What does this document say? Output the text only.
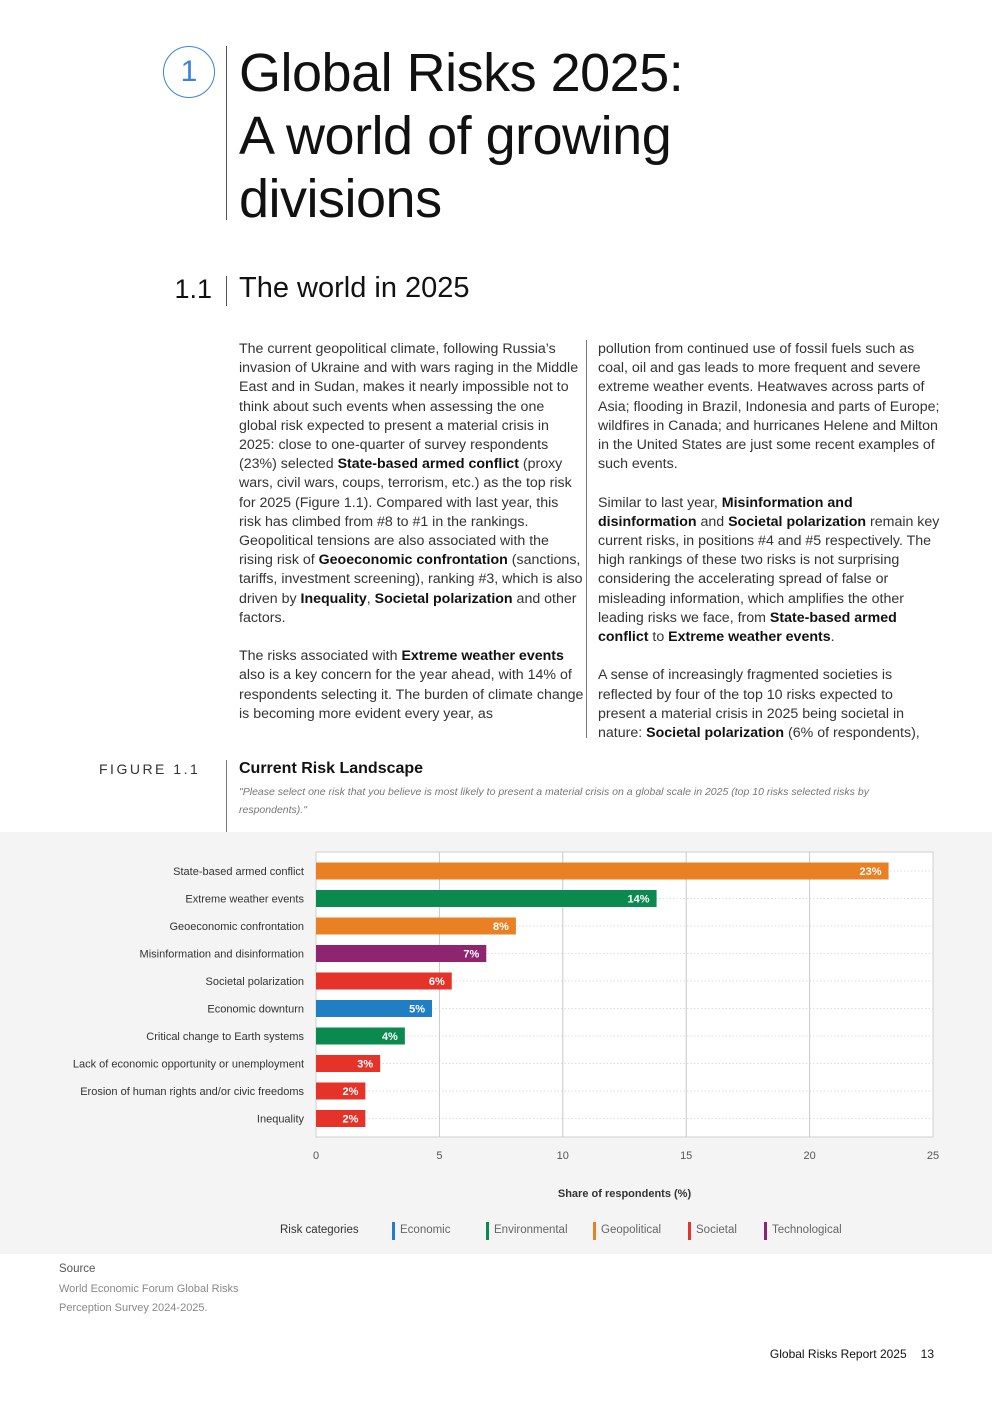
1 Global Risks 2025:
A world of growing
divisions
1.1 The world in 2025

The current geopolitical climate, following Russia’s invasion of Ukraine and with wars raging in the Middle East and in Sudan, makes it nearly impossible not to think about such events when assessing the one global risk expected to present a material crisis in 2025: close to one-quarter of survey respondents (23%) selected State-based armed conflict (proxy wars, civil wars, coups, terrorism, etc.) as the top risk for 2025 (Figure 1.1). Compared with last year, this risk has climbed from #8 to #1 in the rankings. Geopolitical tensions are also associated with the rising risk of Geoeconomic confrontation (sanctions, tariffs, investment screening), ranking #3, which is also driven by Inequality, Societal polarization and other factors.

The risks associated with Extreme weather events also is a key concern for the year ahead, with 14% of respondents selecting it. The burden of climate change is becoming more evident every year, as

pollution from continued use of fossil fuels such as coal, oil and gas leads to more frequent and severe extreme weather events. Heatwaves across parts of Asia; flooding in Brazil, Indonesia and parts of Europe; wildfires in Canada; and hurricanes Helene and Milton in the United States are just some recent examples of such events.

Similar to last year, Misinformation and disinformation and Societal polarization remain key current risks, in positions #4 and #5 respectively. The high rankings of these two risks is not surprising considering the accelerating spread of false or misleading information, which amplifies the other leading risks we face, from State-based armed conflict to Extreme weather events.

A sense of increasingly fragmented societies is reflected by four of the top 10 risks expected to present a material crisis in 2025 being societal in nature: Societal polarization (6% of respondents),

FIGURE 1.1 Current Risk Landscape
"Please select one risk that you believe is most likely to present a material crisis on a global scale in 2025 (top 10 risks selected risks by respondents)."
0	5	10	15	20	25
State-based armed conflict	23%
Extreme weather events	14%
Geoeconomic confrontation	8%
Misinformation and disinformation	7%
Societal polarization	6%
Economic downturn	5%
Critical change to Earth systems	4%
Lack of economic opportunity or unemployment	3%
Erosion of human rights and/or civic freedoms	2%
Inequality	2%
Share of respondents (%)
Risk categories	Economic	Environmental	Geopolitical	Societal	Technological
Source
World Economic Forum Global Risks Perception Survey 2024-2025.
Global Risks Report 2025 13
